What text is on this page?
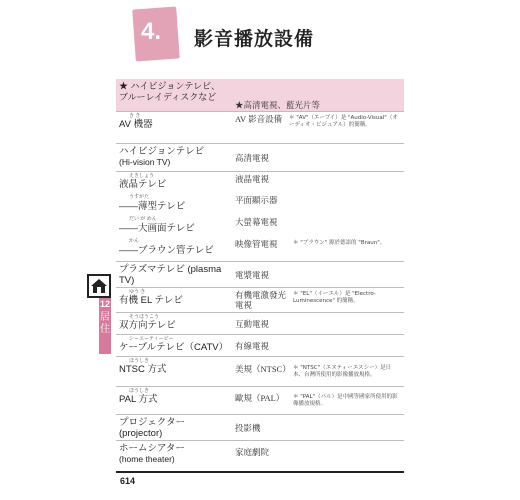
4. 影音播放設備
★ ハイビジョンテレビ、ブルーレイディスクなど	★高清電視、藍光片等

き き
AV 機器	AV 影音設備 ＊ "AV"（エーブイ）是 "Audio-Visual"（オーディオ・ビジュアル）的簡稱。

ハイビジョンテレビ
(Hi-vision TV)	高清電視

えきしょう
液晶テレビ	液晶電視

うすがた
――薄型テレビ	平面顯示器

だい が めん
――大画面テレビ	大螢幕電視

かん
――ブラウン管テレビ	映像管電視 ＊ "ブラウン" 源於德語的 "Braun"。

プラズマテレビ (plasma TV)	電漿電視

ゆう き
有機 EL テレビ	有機電激發光電視
＊ "EL"（イーエル）是 "Electro-Luminescence" 的簡稱。

そうほうこう
双方向テレビ	互動電視

シーエーティービー
ケーブルテレビ（CATV）	有線電視

ほうしき
NTSC 方式	美規（NTSC） ＊ "NTSC"（エヌティーエスシー）是日本、台灣所使用的影像播放規格。

ほうしき
PAL 方式	歐規（PAL） ＊ "PAL"（パル）是中國等國家所使用的影像播放規格。

プロジェクター (projector)	投影機
ホームシアター
(home theater)	家庭劇院
12
居住
614
